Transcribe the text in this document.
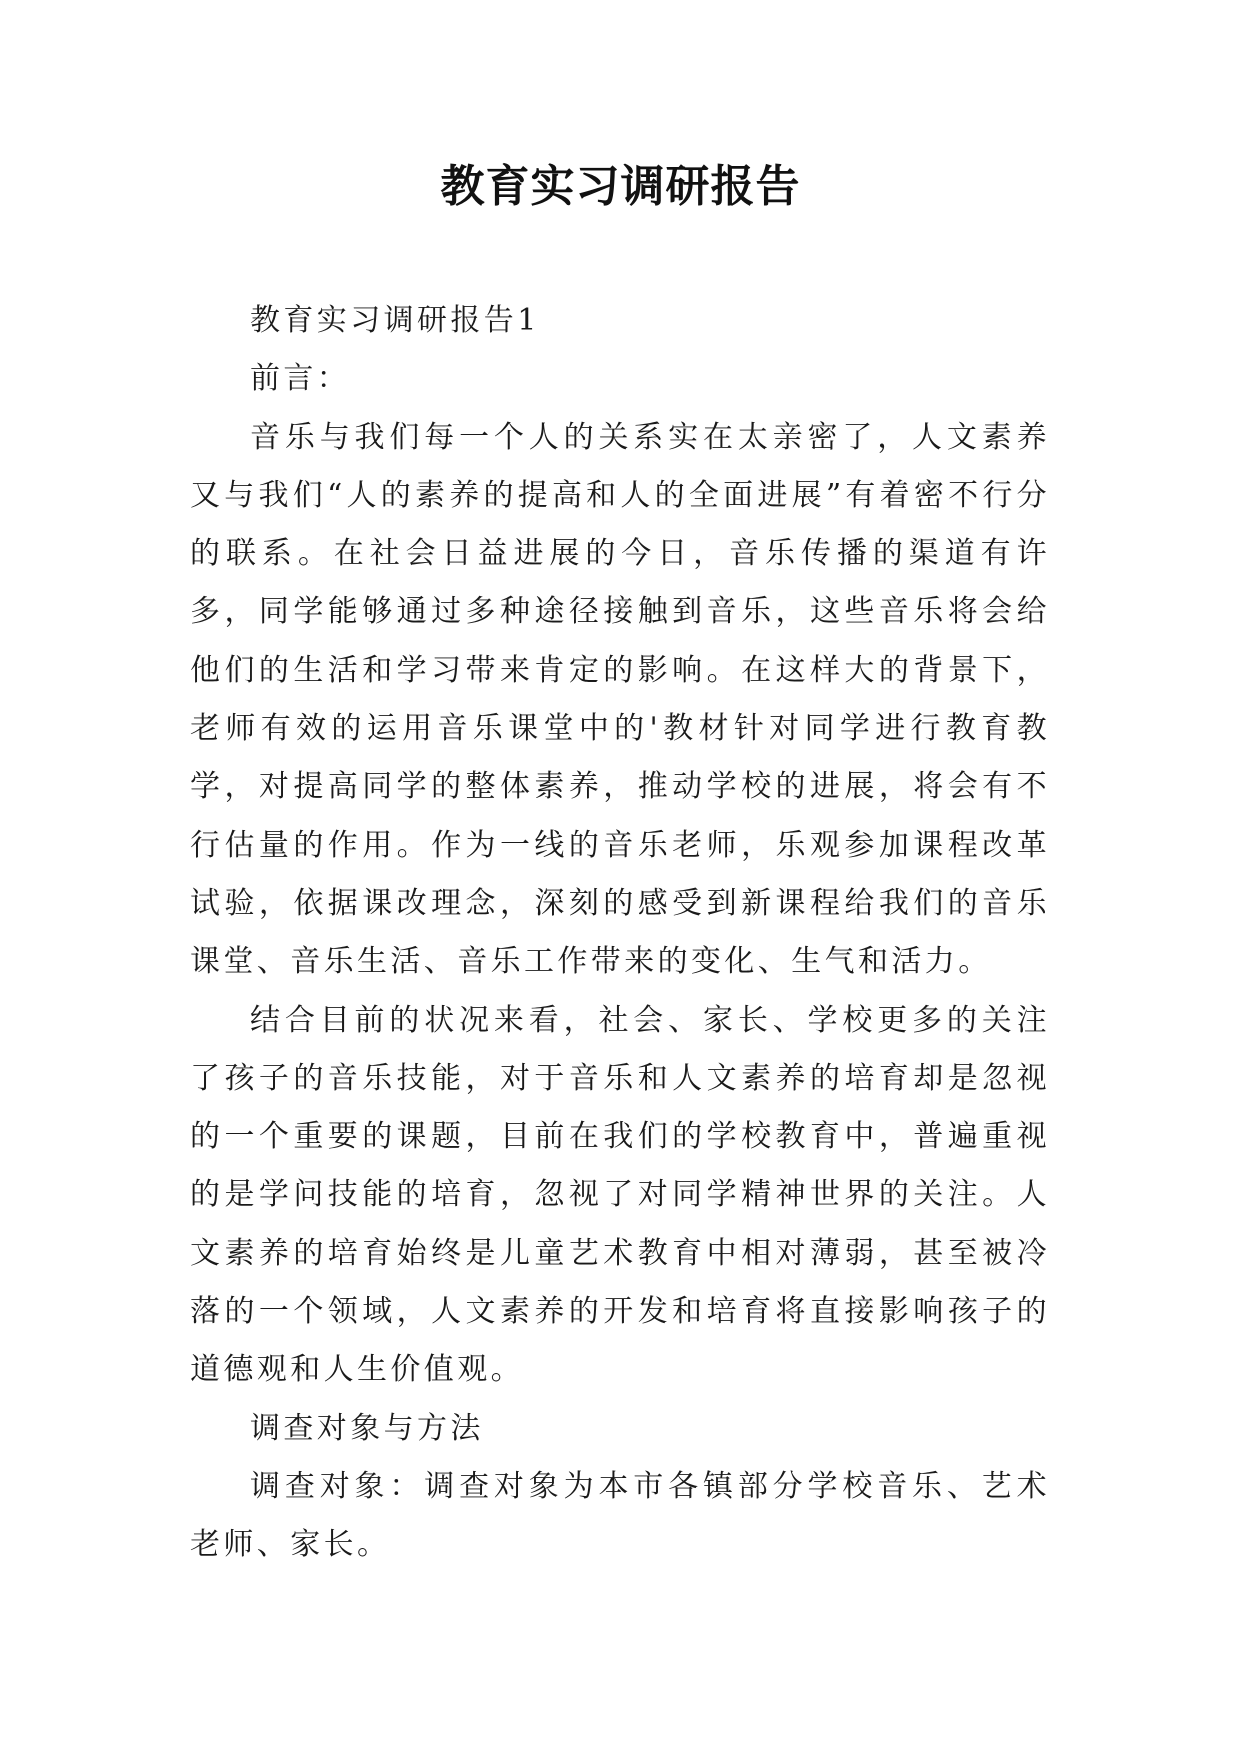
教育实习调研报告

教育实习调研报告1

前言：

音乐与我们每一个人的关系实在太亲密了，人文素养又与我们“人的素养的提高和人的全面进展”有着密不行分的联系。在社会日益进展的今日，音乐传播的渠道有许多，同学能够通过多种途径接触到音乐，这些音乐将会给他们的生活和学习带来肯定的影响。在这样大的背景下，老师有效的运用音乐课堂中的'教材针对同学进行教育教学，对提高同学的整体素养，推动学校的进展，将会有不行估量的作用。作为一线的音乐老师，乐观参加课程改革试验，依据课改理念，深刻的感受到新课程给我们的音乐课堂、音乐生活、音乐工作带来的变化、生气和活力。

结合目前的状况来看，社会、家长、学校更多的关注了孩子的音乐技能，对于音乐和人文素养的培育却是忽视的一个重要的课题，目前在我们的学校教育中，普遍重视的是学问技能的培育，忽视了对同学精神世界的关注。人文素养的培育始终是儿童艺术教育中相对薄弱，甚至被冷落的一个领域，人文素养的开发和培育将直接影响孩子的道德观和人生价值观。

调查对象与方法

调查对象：调查对象为本市各镇部分学校音乐、艺术老师、家长。
